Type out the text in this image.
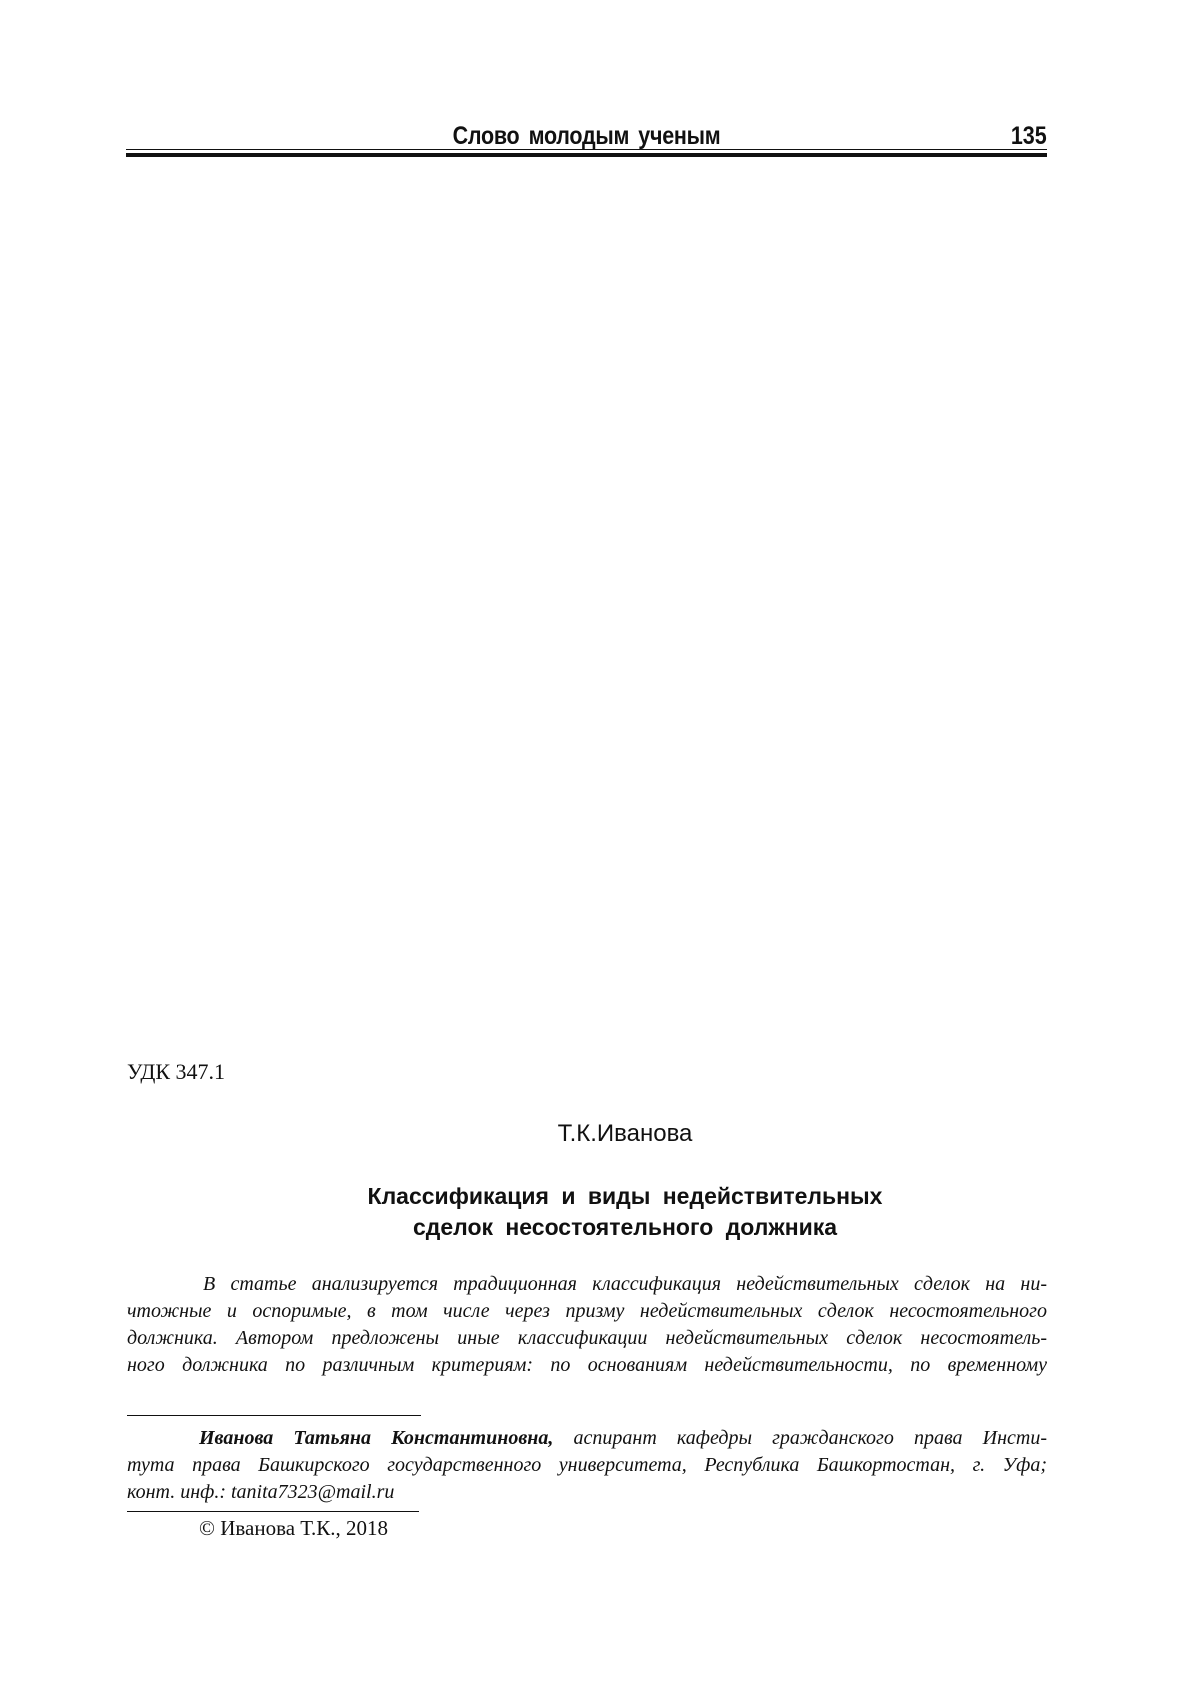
Слово молодым ученым	135
УДК 347.1
Т.К.Иванова
Классификация и виды недействительных
сделок несостоятельного должника
В статье анализируется традиционная классификация недействительных сделок на ни-
чтожные и оспоримые, в том числе через призму недействительных сделок несостоятельного
должника. Автором предложены иные классификации недействительных сделок несостоятель-
ного должника по различным критериям: по основаниям недействительности, по временному
Иванова Татьяна Константиновна, аспирант кафедры гражданского права Инсти-
тута права Башкирского государственного университета, Республика Башкортостан, г. Уфа;
конт. инф.: tanita7323@mail.ru
© Иванова Т.К., 2018
